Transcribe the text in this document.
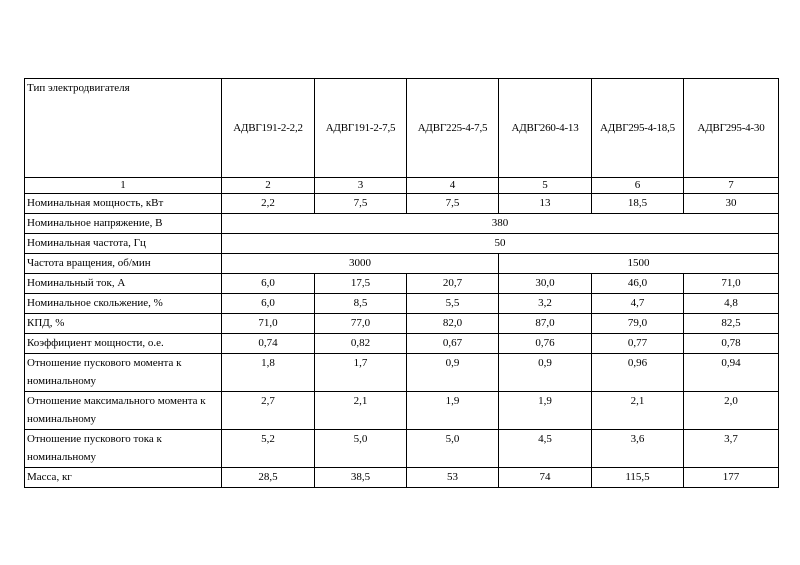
Тип электродвигателя	АДВГ191-2-2,2	АДВГ191-2-7,5	АДВГ225-4-7,5	АДВГ260-4-13	АДВГ295-4-18,5	АДВГ295-4-30
1	2	3	4	5	6	7
Номинальная мощность, кВт	2,2	7,5	7,5	13	18,5	30
Номинальное напряжение, В	380					
Номинальная частота, Гц	50					
Частота вращения, об/мин	3000			1500		
Номинальный ток, А	6,0	17,5	20,7	30,0	46,0	71,0
Номинальное скольжение, %	6,0	8,5	5,5	3,2	4,7	4,8
КПД, %	71,0	77,0	82,0	87,0	79,0	82,5
Коэффициент мощности, о.е.	0,74	0,82	0,67	0,76	0,77	0,78
Отношение пускового момента к номинальному	1,8	1,7	0,9	0,9	0,96	0,94
Отношение максимального момента к номинальному	2,7	2,1	1,9	1,9	2,1	2,0
Отношение пускового тока к номинальному	5,2	5,0	5,0	4,5	3,6	3,7
Масса, кг	28,5	38,5	53	74	115,5	177
